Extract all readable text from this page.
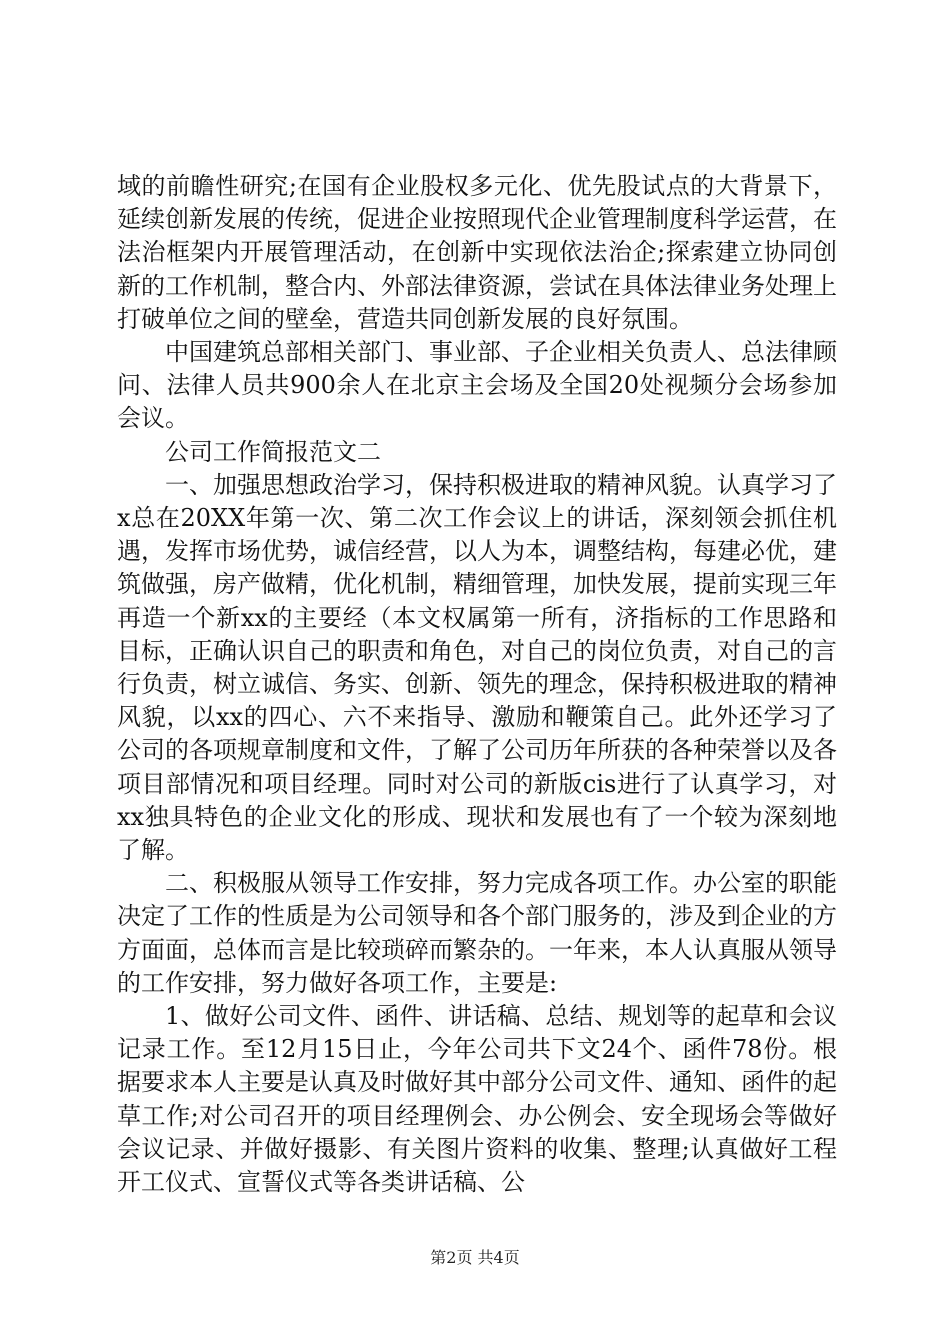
域的前瞻性研究;在国有企业股权多元化、优先股试点的大背景下，延续创新发展的传统，促进企业按照现代企业管理制度科学运营，在法治框架内开展管理活动，在创新中实现依法治企;探索建立协同创新的工作机制，整合内、外部法律资源，尝试在具体法律业务处理上打破单位之间的壁垒，营造共同创新发展的良好氛围。

中国建筑总部相关部门、事业部、子企业相关负责人、总法律顾问、法律人员共900余人在北京主会场及全国20处视频分会场参加会议。

公司工作简报范文二

一、加强思想政治学习，保持积极进取的精神风貌。认真学习了x总在20XX年第一次、第二次工作会议上的讲话，深刻领会抓住机遇，发挥市场优势，诚信经营，以人为本，调整结构，每建必优，建筑做强，房产做精，优化机制，精细管理，加快发展，提前实现三年再造一个新xx的主要经（本文权属第一所有，济指标的工作思路和目标，正确认识自己的职责和角色，对自己的岗位负责，对自己的言行负责，树立诚信、务实、创新、领先的理念，保持积极进取的精神风貌，以xx的四心、六不来指导、激励和鞭策自己。此外还学习了公司的各项规章制度和文件，了解了公司历年所获的各种荣誉以及各项目部情况和项目经理。同时对公司的新版cis进行了认真学习，对xx独具特色的企业文化的形成、现状和发展也有了一个较为深刻地了解。

二、积极服从领导工作安排，努力完成各项工作。办公室的职能决定了工作的性质是为公司领导和各个部门服务的，涉及到企业的方方面面，总体而言是比较琐碎而繁杂的。一年来，本人认真服从领导的工作安排，努力做好各项工作，主要是:

1、做好公司文件、函件、讲话稿、总结、规划等的起草和会议记录工作。至12月15日止，今年公司共下文24个、函件78份。根据要求本人主要是认真及时做好其中部分公司文件、通知、函件的起草工作;对公司召开的项目经理例会、办公例会、安全现场会等做好会议记录、并做好摄影、有关图片资料的收集、整理;认真做好工程开工仪式、宣誓仪式等各类讲话稿、公

第2页 共4页
